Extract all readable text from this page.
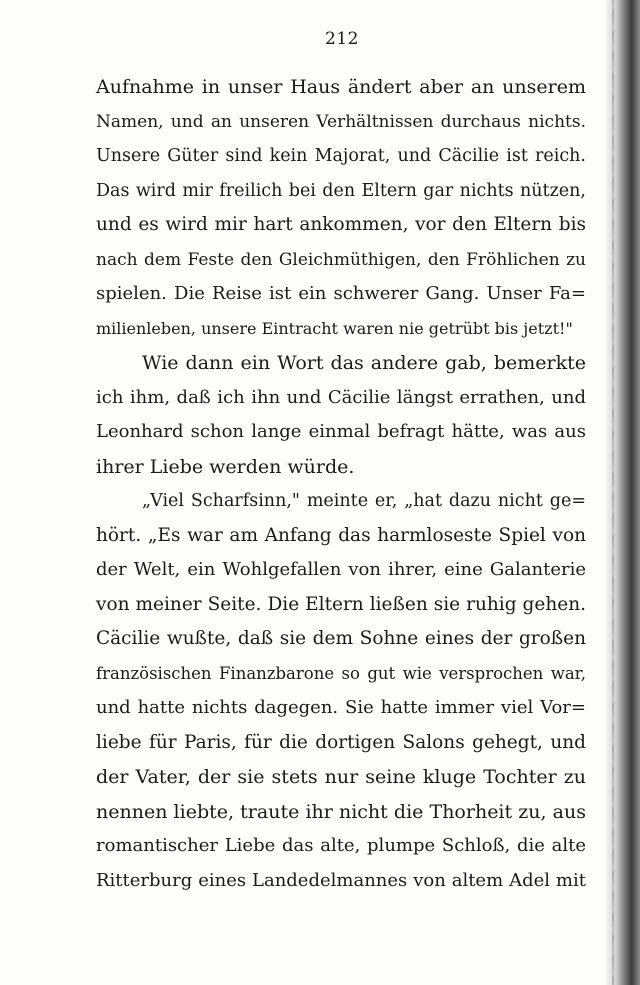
212
Aufnahme in unser Haus ändert aber an unserem
Namen, und an unseren Verhältnissen durchaus nichts.
Unsere Güter sind kein Majorat, und Cäcilie ist reich.
Das wird mir freilich bei den Eltern gar nichts nützen,
und es wird mir hart ankommen, vor den Eltern bis
nach dem Feste den Gleichmüthigen, den Fröhlichen zu
spielen. Die Reise ist ein schwerer Gang. Unser Fa=
milienleben, unsere Eintracht waren nie getrübt bis jetzt!"
Wie dann ein Wort das andere gab, bemerkte
ich ihm, daß ich ihn und Cäcilie längst errathen, und
Leonhard schon lange einmal befragt hätte, was aus
ihrer Liebe werden würde.
„Viel Scharfsinn," meinte er, „hat dazu nicht ge=
hört. „Es war am Anfang das harmloseste Spiel von
der Welt, ein Wohlgefallen von ihrer, eine Galanterie
von meiner Seite. Die Eltern ließen sie ruhig gehen.
Cäcilie wußte, daß sie dem Sohne eines der großen
französischen Finanzbarone so gut wie versprochen war,
und hatte nichts dagegen. Sie hatte immer viel Vor=
liebe für Paris, für die dortigen Salons gehegt, und
der Vater, der sie stets nur seine kluge Tochter zu
nennen liebte, traute ihr nicht die Thorheit zu, aus
romantischer Liebe das alte, plumpe Schloß, die alte
Ritterburg eines Landedelmannes von altem Adel mit
